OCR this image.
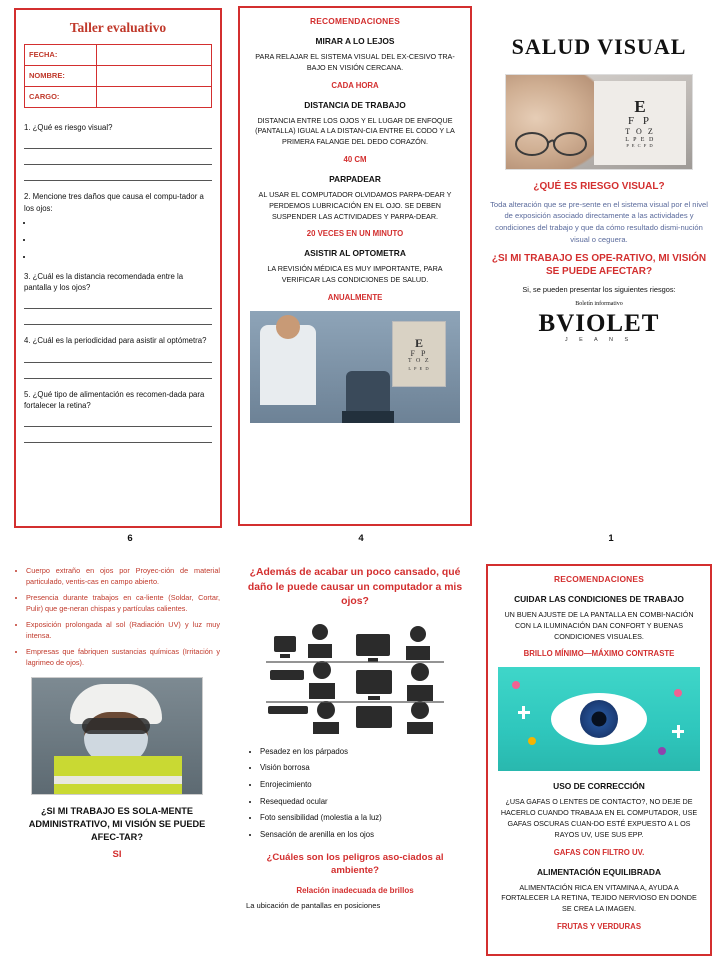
Taller evaluativo
FECHA:
NOMBRE:
CARGO:
1. ¿Qué es riesgo visual?
2. Mencione tres daños que causa el compu-tador a los ojos:
•
•
•
3. ¿Cuál es la distancia recomendada entre la pantalla y los ojos?
4. ¿Cuál es la periodicidad para asistir al optómetra?
5. ¿Qué tipo de alimentación es recomen-dada para fortalecer la retina?
6
RECOMENDACIONES
MIRAR A LO LEJOS
PARA RELAJAR EL SISTEMA VISUAL DEL EX-CESIVO TRA- BAJO EN VISIÓN CERCANA.
CADA HORA
DISTANCIA DE TRABAJO
DISTANCIA ENTRE LOS OJOS Y EL LUGAR DE ENFOQUE (PANTALLA) IGUAL A LA DISTAN-CIA ENTRE EL CODO Y LA PRIMERA FALANGE DEL DEDO CORAZÓN.
40 CM
PARPADEAR
AL USAR EL COMPUTADOR OLVIDAMOS PARPA-DEAR Y PERDEMOS LUBRICACIÓN EN EL OJO. SE DEBEN SUSPENDER LAS ACTIVIDADES Y PARPA-DEAR.
20 VECES EN UN MINUTO
ASISTIR AL OPTOMETRA
LA REVISIÓN MÉDICA ES MUY IMPORTANTE, PARA VERIFICAR LAS CONDICIONES DE SALUD.
ANUALMENTE
E
F P
T O Z
L P E D
4
SALUD VISUAL
E
F P
T O Z
L P E D
P E C F D
¿QUÉ ES RIESGO VISUAL?
Toda alteración que se pre-sente en el sistema visual por el nivel de exposición asociado directamente a las actividades y condiciones del trabajo y que da cómo resultado dismi-nución visual o ceguera.
¿SI MI TRABAJO ES OPE-RATIVO, MI VISIÓN SE PUEDE AFECTAR?
Si, se pueden presentar los siguientes riesgos:
Boletín informativo
BVIOLET
J E A N S
1
• Cuerpo extraño en ojos por Proyec-ción de material particulado, ventis-cas en campo abierto.
• Presencia durante trabajos en ca-liente (Soldar, Cortar, Pulir) que ge-neran chispas y partículas calientes.
• Exposición prolongada al sol (Radiación UV) y luz muy intensa.
• Empresas que fabriquen sustancias químicas (Irritación y lagrimeo de ojos).
¿SI MI TRABAJO ES SOLA-MENTE ADMINISTRATIVO, MI VISIÓN SE PUEDE AFEC-TAR?
SI
¿Además de acabar un poco cansado, qué daño le puede causar un computador a mis ojos?
• Pesadez en los párpados
• Visión borrosa
• Enrojecimiento
• Resequedad ocular
• Foto sensibilidad (molestia a la luz)
• Sensación de arenilla en los ojos
¿Cuáles son los peligros aso-ciados al ambiente?
Relación inadecuada de brillos
La ubicación de pantallas en posiciones
RECOMENDACIONES
CUIDAR LAS CONDICIONES DE TRABAJO
UN BUEN AJUSTE DE LA PANTALLA EN COMBI-NACIÓN CON LA ILUMINACIÓN DAN CONFORT Y BUENAS CONDICIONES VISUALES.
BRILLO MÍNIMO—MÁXIMO CONTRASTE
USO DE CORRECCIÓN
¿USA GAFAS O LENTES DE CONTACTO?, NO DEJE DE HACERLO CUANDO TRABAJA EN EL COMPUTADOR, USE GAFAS OSCURAS CUAN-DO ESTÉ EXPUESTO A L OS RAYOS UV, USE SUS EPP.
GAFAS CON FILTRO UV.
ALIMENTACIÓN EQUILIBRADA
ALIMENTACIÓN RICA EN VITAMINA A, AYUDA A FORTALECER LA RETINA, TEJIDO NERVIOSO EN DONDE SE CREA LA IMAGEN.
FRUTAS Y VERDURAS
